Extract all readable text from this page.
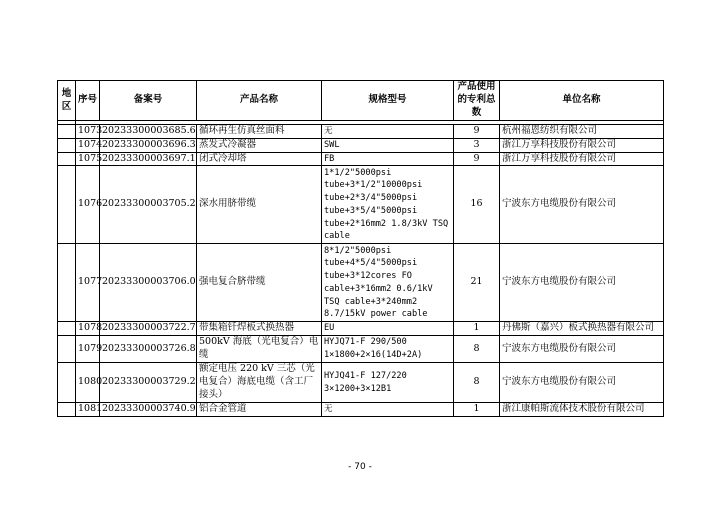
地区	序号	备案号	产品名称	规格型号	产品使用的专利总数	单位名称

	1073	20233300003685.6	循环再生仿真丝面料	无	9	杭州福恩纺织有限公司
	1074	20233300003696.3	蒸发式冷凝器	SWL	3	浙江万享科技股份有限公司
	1075	20233300003697.1	闭式冷却塔	FB	9	浙江万享科技股份有限公司
	1076	20233300003705.2	深水用脐带缆	1*1/2"5000psi tube+3*1/2"10000psi tube+2*3/4"5000psi tube+3*5/4"5000psi tube+2*16mm2 1.8/3kV TSQ cable	16	宁波东方电缆股份有限公司
	1077	20233300003706.0	强电复合脐带缆	8*1/2"5000psi tube+4*5/4"5000psi tube+3*12cores FO cable+3*16mm2 0.6/1kV TSQ cable+3*240mm2 8.7/15kV power cable	21	宁波东方电缆股份有限公司
	1078	20233300003722.7	带集箱钎焊板式换热器	EU	1	丹佛斯（嘉兴）板式换热器有限公司
	1079	20233300003726.8	500kV 海底（光电复合）电缆	HYJQ71-F 290/500 1×1800+2×16(14D+2A)	8	宁波东方电缆股份有限公司
	1080	20233300003729.2	额定电压 220 kV 三芯（光电复合）海底电缆（含工厂接头）	HYJQ41-F 127/220 3×1200+3×12B1	8	宁波东方电缆股份有限公司
	1081	20233300003740.9	铝合金管道	无	1	浙江康帕斯流体技术股份有限公司
- 70 -
